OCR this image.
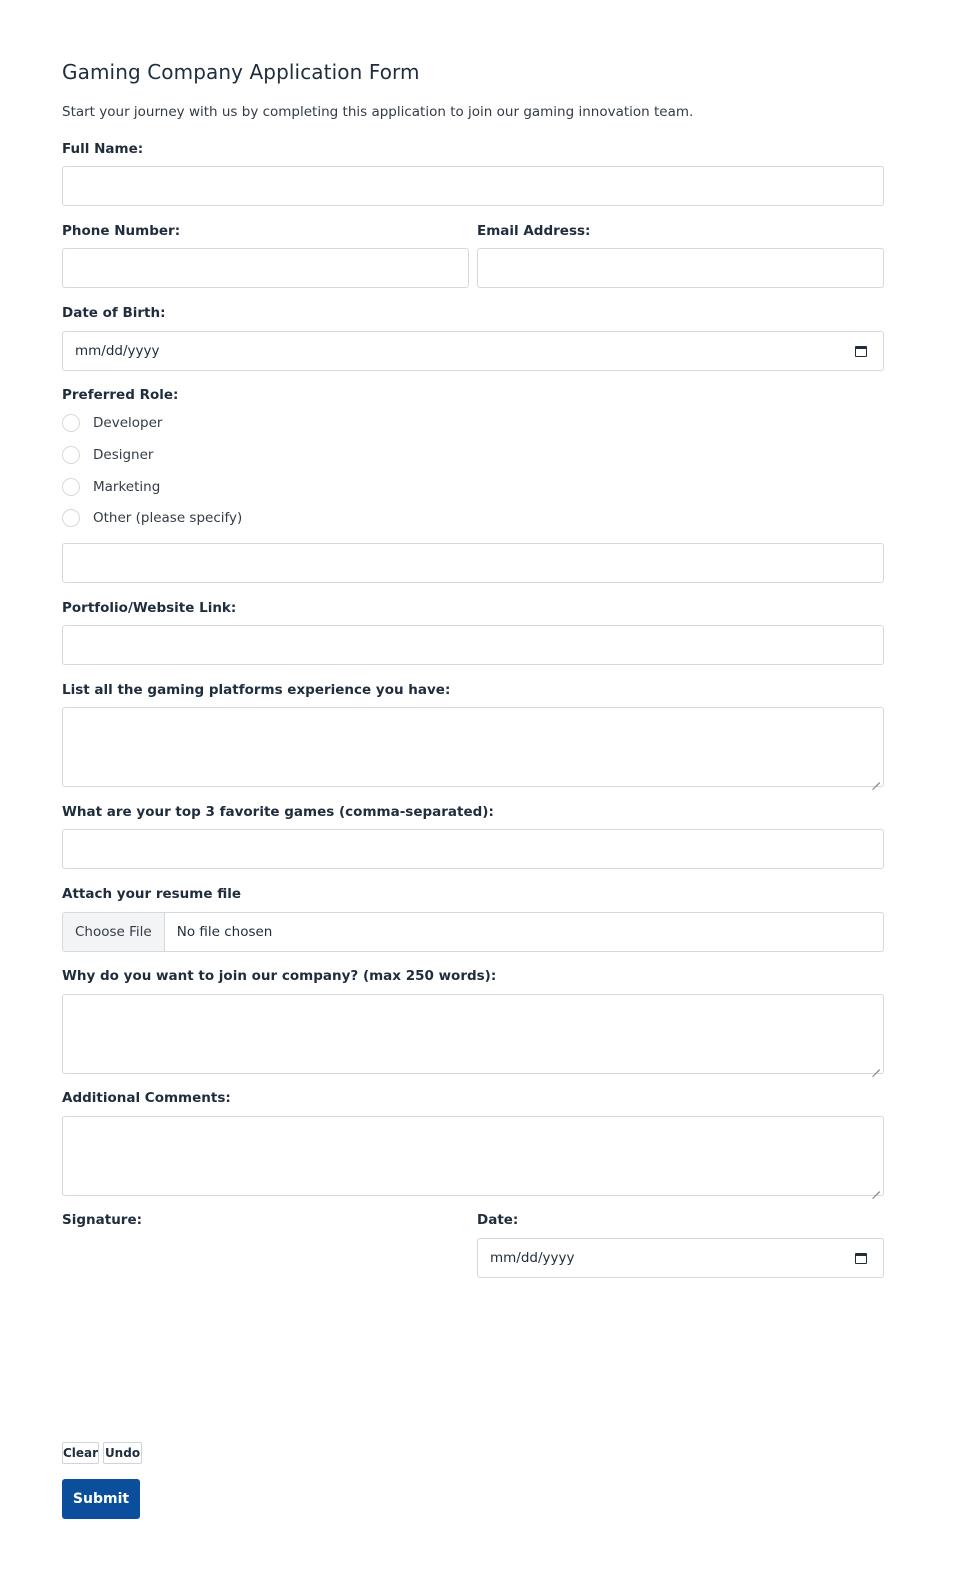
Gaming Company Application Form
Start your journey with us by completing this application to join our gaming innovation team.
Full Name:
Phone Number:	Email Address:
Date of Birth:
mm/dd/yyyy
Preferred Role:
Developer
Designer
Marketing
Other (please specify)
Portfolio/Website Link:
List all the gaming platforms experience you have:
What are your top 3 favorite games (comma-separated):
Attach your resume file
Choose File	No file chosen
Why do you want to join our company? (max 250 words):
Additional Comments:
Signature:	Date:
mm/dd/yyyy
Clear Undo
Submit
